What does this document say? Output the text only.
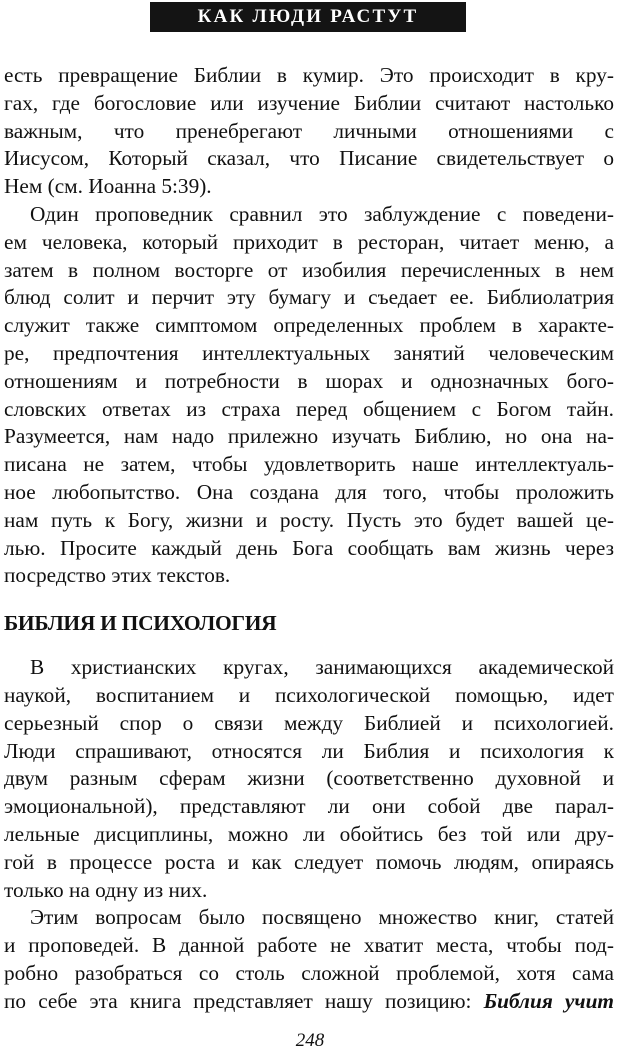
КАК ЛЮДИ РАСТУТ
есть превращение Библии в кумир. Это происходит в кру-
гах, где богословие или изучение Библии считают настолько
важным, что пренебрегают личными отношениями с
Иисусом, Который сказал, что Писание свидетельствует о
Нем (см. Иоанна 5:39).
Один проповедник сравнил это заблуждение с поведени-
ем человека, который приходит в ресторан, читает меню, а
затем в полном восторге от изобилия перечисленных в нем
блюд солит и перчит эту бумагу и съедает ее. Библиолатрия
служит также симптомом определенных проблем в характе-
ре, предпочтения интеллектуальных занятий человеческим
отношениям и потребности в шорах и однозначных бого-
словских ответах из страха перед общением с Богом тайн.
Разумеется, нам надо прилежно изучать Библию, но она на-
писана не затем, чтобы удовлетворить наше интеллектуаль-
ное любопытство. Она создана для того, чтобы проложить
нам путь к Богу, жизни и росту. Пусть это будет вашей це-
лью. Просите каждый день Бога сообщать вам жизнь через
посредство этих текстов.
БИБЛИЯ И ПСИХОЛОГИЯ
В христианских кругах, занимающихся академической
наукой, воспитанием и психологической помощью, идет
серьезный спор о связи между Библией и психологией.
Люди спрашивают, относятся ли Библия и психология к
двум разным сферам жизни (соответственно духовной и
эмоциональной), представляют ли они собой две парал-
лельные дисциплины, можно ли обойтись без той или дру-
гой в процессе роста и как следует помочь людям, опираясь
только на одну из них.
Этим вопросам было посвящено множество книг, статей
и проповедей. В данной работе не хватит места, чтобы под-
робно разобраться со столь сложной проблемой, хотя сама
по себе эта книга представляет нашу позицию: Библия учит
248
